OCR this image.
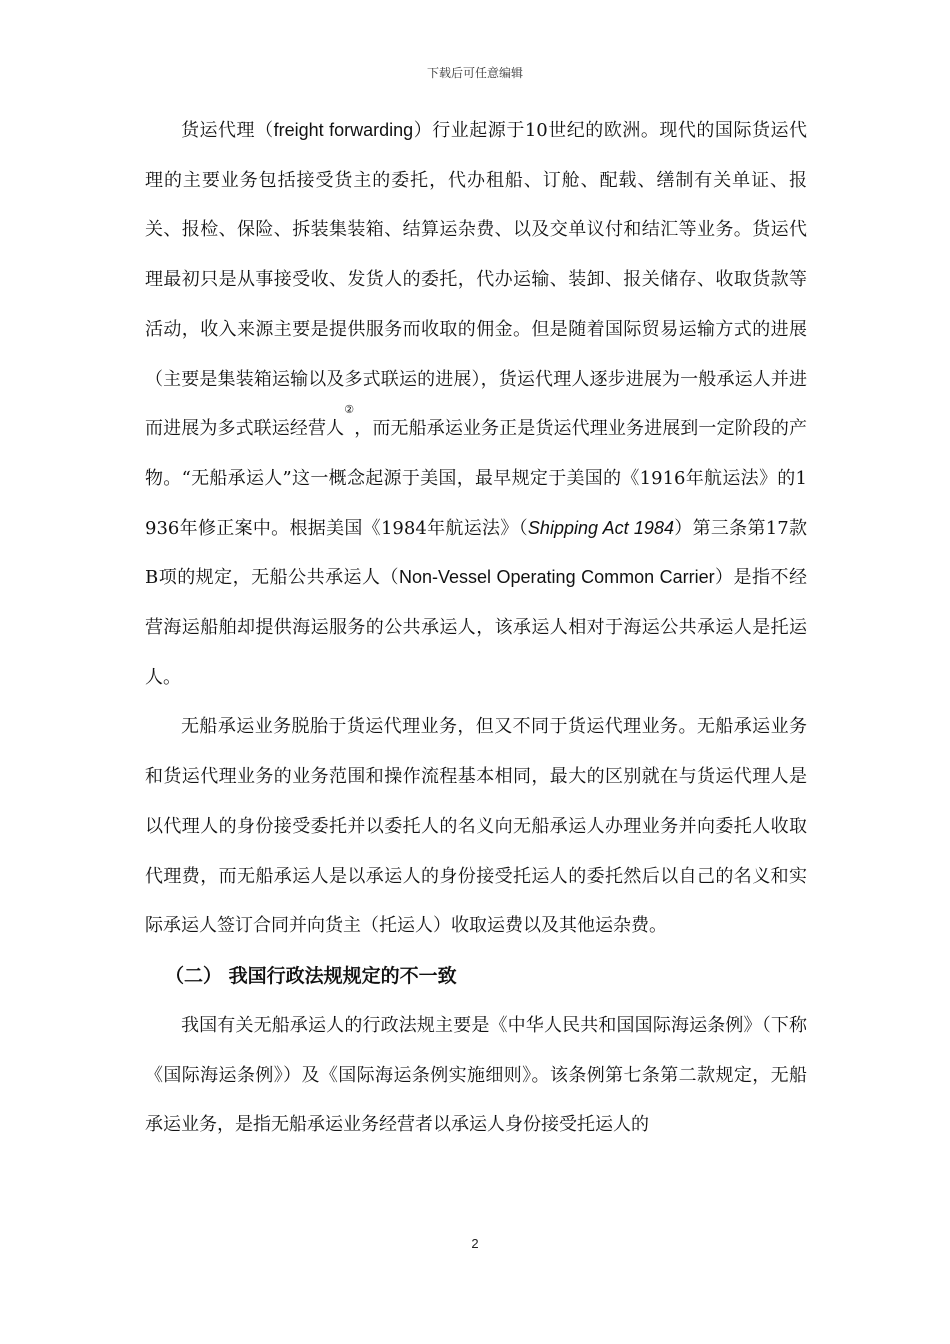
下载后可任意编辑

货运代理（freight forwarding）行业起源于10世纪的欧洲。现代的国际货运代理的主要业务包括接受货主的委托，代办租船、订舱、配载、缮制有关单证、报关、报检、保险、拆装集装箱、结算运杂费、以及交单议付和结汇等业务。货运代理最初只是从事接受收、发货人的委托，代办运输、装卸、报关储存、收取货款等活动，收入来源主要是提供服务而收取的佣金。但是随着国际贸易运输方式的进展（主要是集装箱运输以及多式联运的进展），货运代理人逐步进展为一般承运人并进而进展为多式联运经营人②，而无船承运业务正是货运代理业务进展到一定阶段的产物。“无船承运人”这一概念起源于美国，最早规定于美国的《1916年航运法》的1936年修正案中。根据美国《1984年航运法》（Shipping Act 1984）第三条第17款B项的规定，无船公共承运人（Non-Vessel Operating Common Carrier）是指不经营海运船舶却提供海运服务的公共承运人，该承运人相对于海运公共承运人是托运人。

无船承运业务脱胎于货运代理业务，但又不同于货运代理业务。无船承运业务和货运代理业务的业务范围和操作流程基本相同，最大的区别就在与货运代理人是以代理人的身份接受委托并以委托人的名义向无船承运人办理业务并向委托人收取代理费，而无船承运人是以承运人的身份接受托运人的委托然后以自己的名义和实际承运人签订合同并向货主（托运人）收取运费以及其他运杂费。

（二） 我国行政法规规定的不一致

我国有关无船承运人的行政法规主要是《中华人民共和国国际海运条例》（下称《国际海运条例》）及《国际海运条例实施细则》。该条例第七条第二款规定，无船承运业务，是指无船承运业务经营者以承运人身份接受托运人的

2
